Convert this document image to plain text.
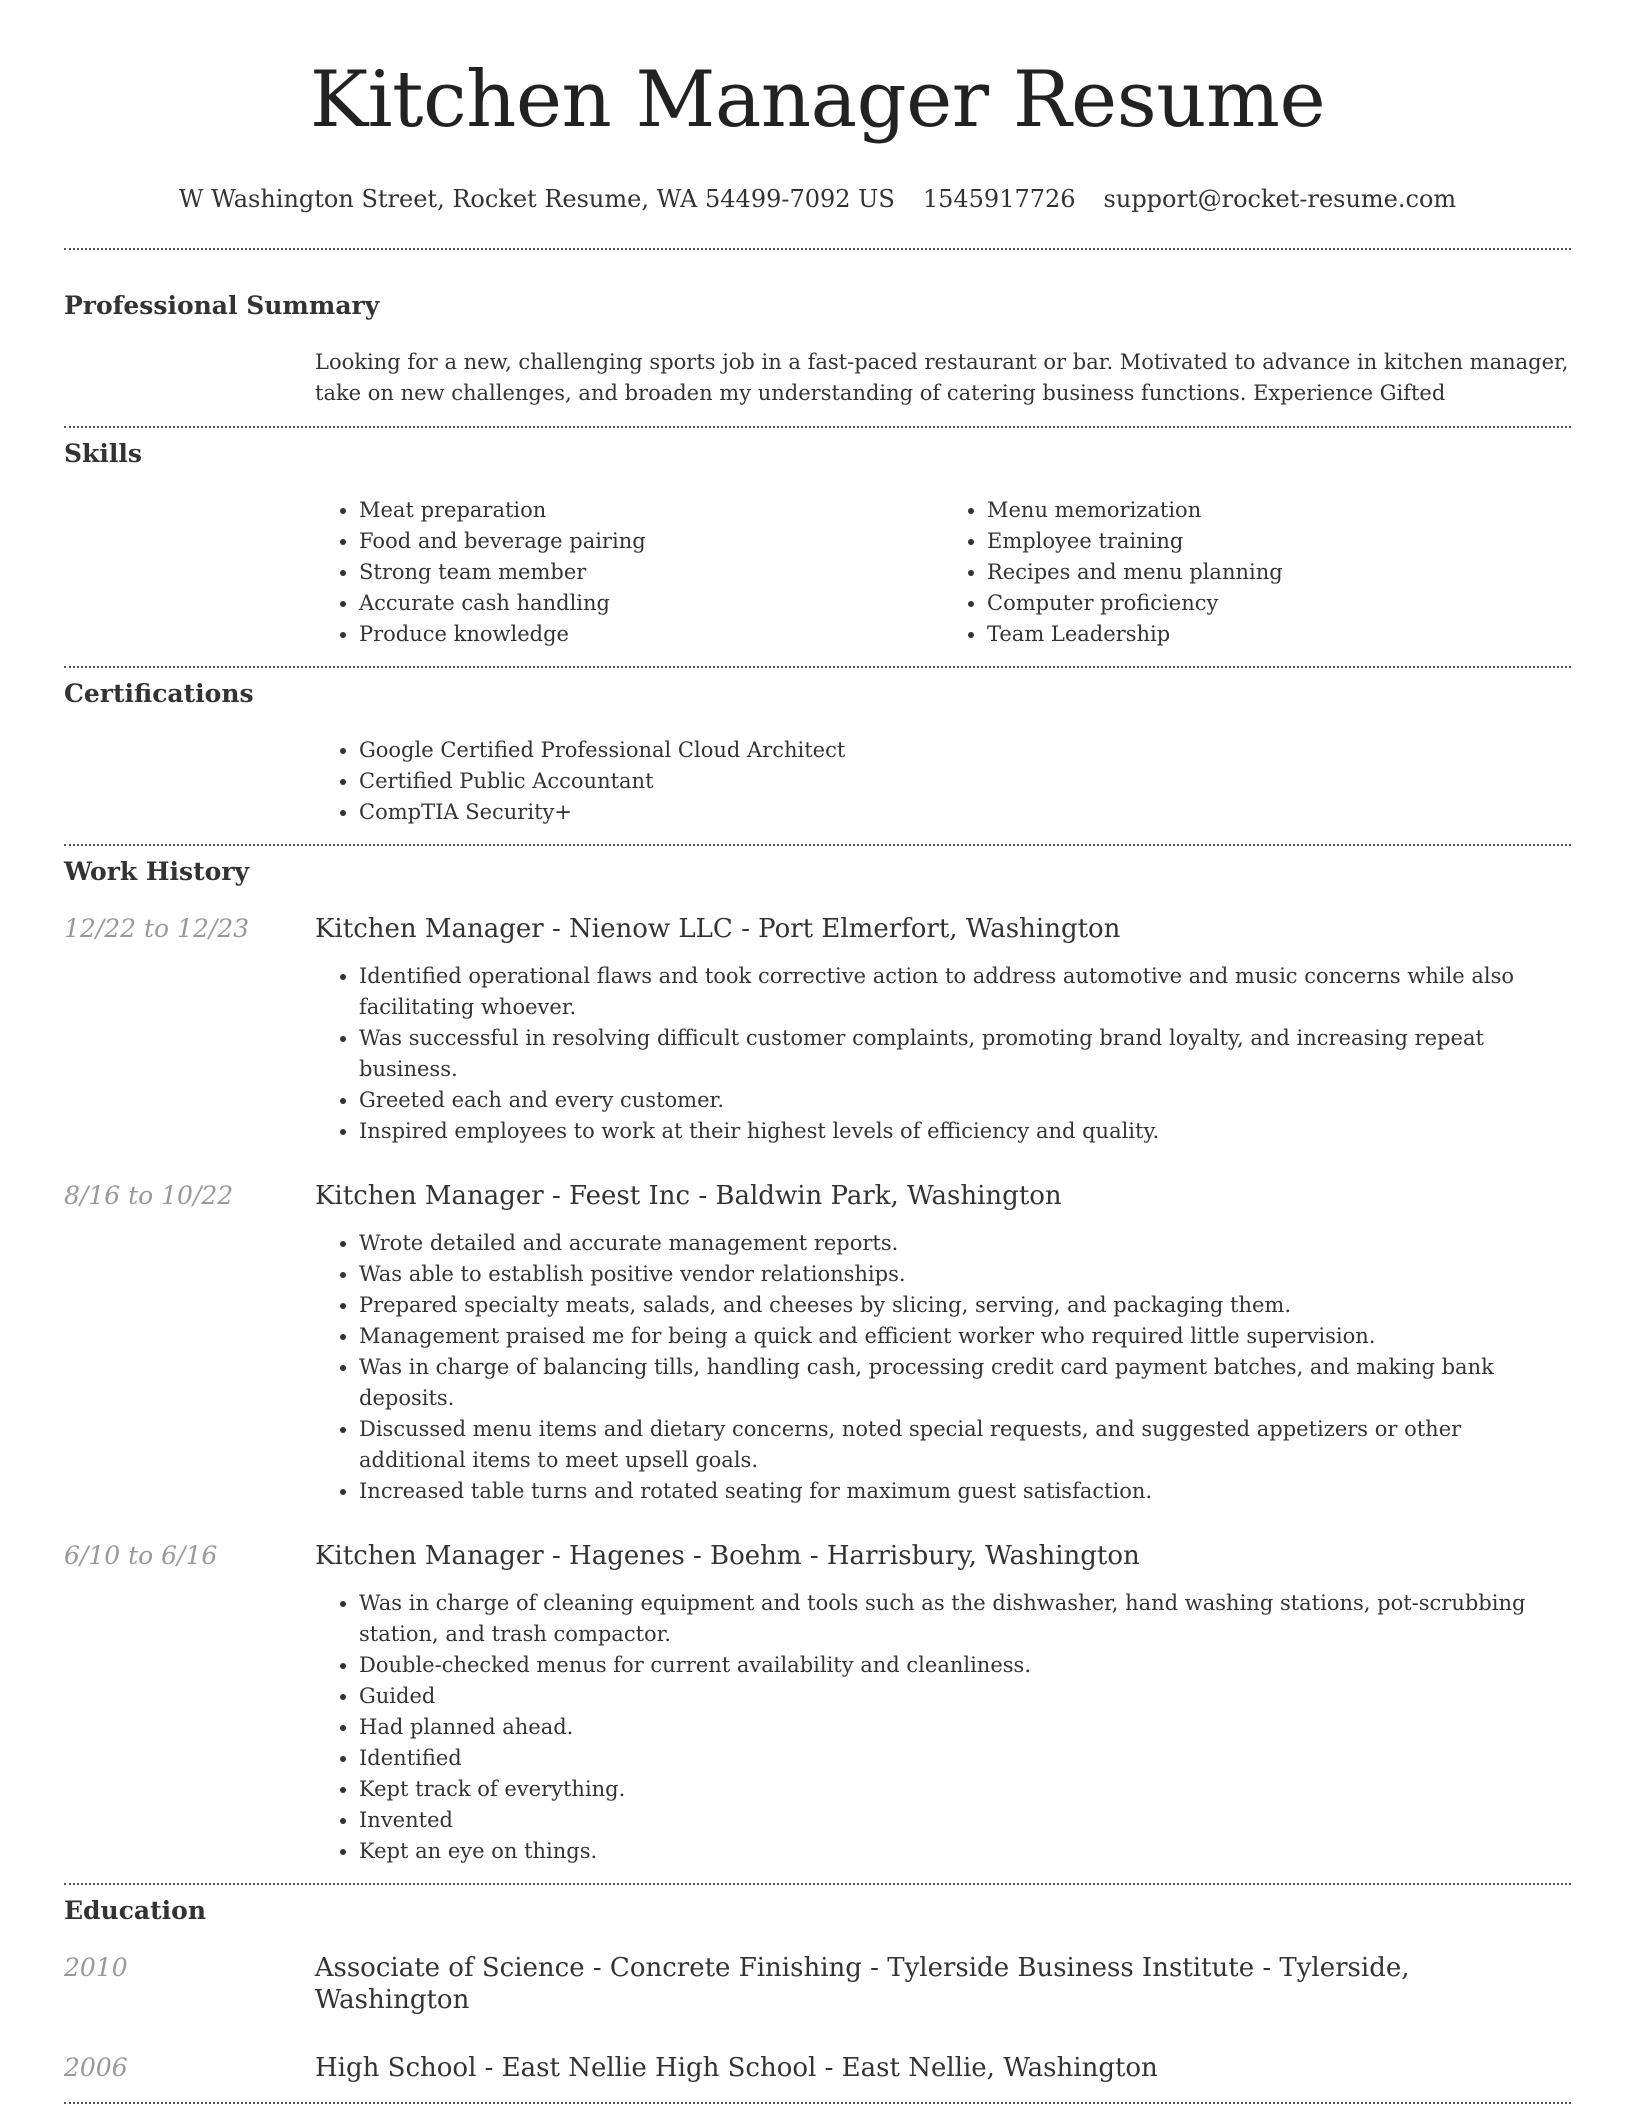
Kitchen Manager Resume
W Washington Street, Rocket Resume, WA 54499-7092 US 1545917726 support@rocket-resume.com
Professional Summary
Looking for a new, challenging sports job in a fast-paced restaurant or bar. Motivated to advance in kitchen manager, take on new challenges, and broaden my understanding of catering business functions. Experience Gifted
Skills
• Meat preparation
• Food and beverage pairing
• Strong team member
• Accurate cash handling
• Produce knowledge
• Menu memorization
• Employee training
• Recipes and menu planning
• Computer proficiency
• Team Leadership
Certifications
• Google Certified Professional Cloud Architect
• Certified Public Accountant
• CompTIA Security+
Work History
12/22 to 12/23	Kitchen Manager - Nienow LLC - Port Elmerfort, Washington
• Identified operational flaws and took corrective action to address automotive and music concerns while also facilitating whoever.
• Was successful in resolving difficult customer complaints, promoting brand loyalty, and increasing repeat business.
• Greeted each and every customer.
• Inspired employees to work at their highest levels of efficiency and quality.
8/16 to 10/22	Kitchen Manager - Feest Inc - Baldwin Park, Washington
• Wrote detailed and accurate management reports.
• Was able to establish positive vendor relationships.
• Prepared specialty meats, salads, and cheeses by slicing, serving, and packaging them.
• Management praised me for being a quick and efficient worker who required little supervision.
• Was in charge of balancing tills, handling cash, processing credit card payment batches, and making bank deposits.
• Discussed menu items and dietary concerns, noted special requests, and suggested appetizers or other additional items to meet upsell goals.
• Increased table turns and rotated seating for maximum guest satisfaction.
6/10 to 6/16	Kitchen Manager - Hagenes - Boehm - Harrisbury, Washington
• Was in charge of cleaning equipment and tools such as the dishwasher, hand washing stations, pot-scrubbing station, and trash compactor.
• Double-checked menus for current availability and cleanliness.
• Guided
• Had planned ahead.
• Identified
• Kept track of everything.
• Invented
• Kept an eye on things.
Education
2010	Associate of Science - Concrete Finishing - Tylerside Business Institute - Tylerside, Washington
2006	High School - East Nellie High School - East Nellie, Washington
